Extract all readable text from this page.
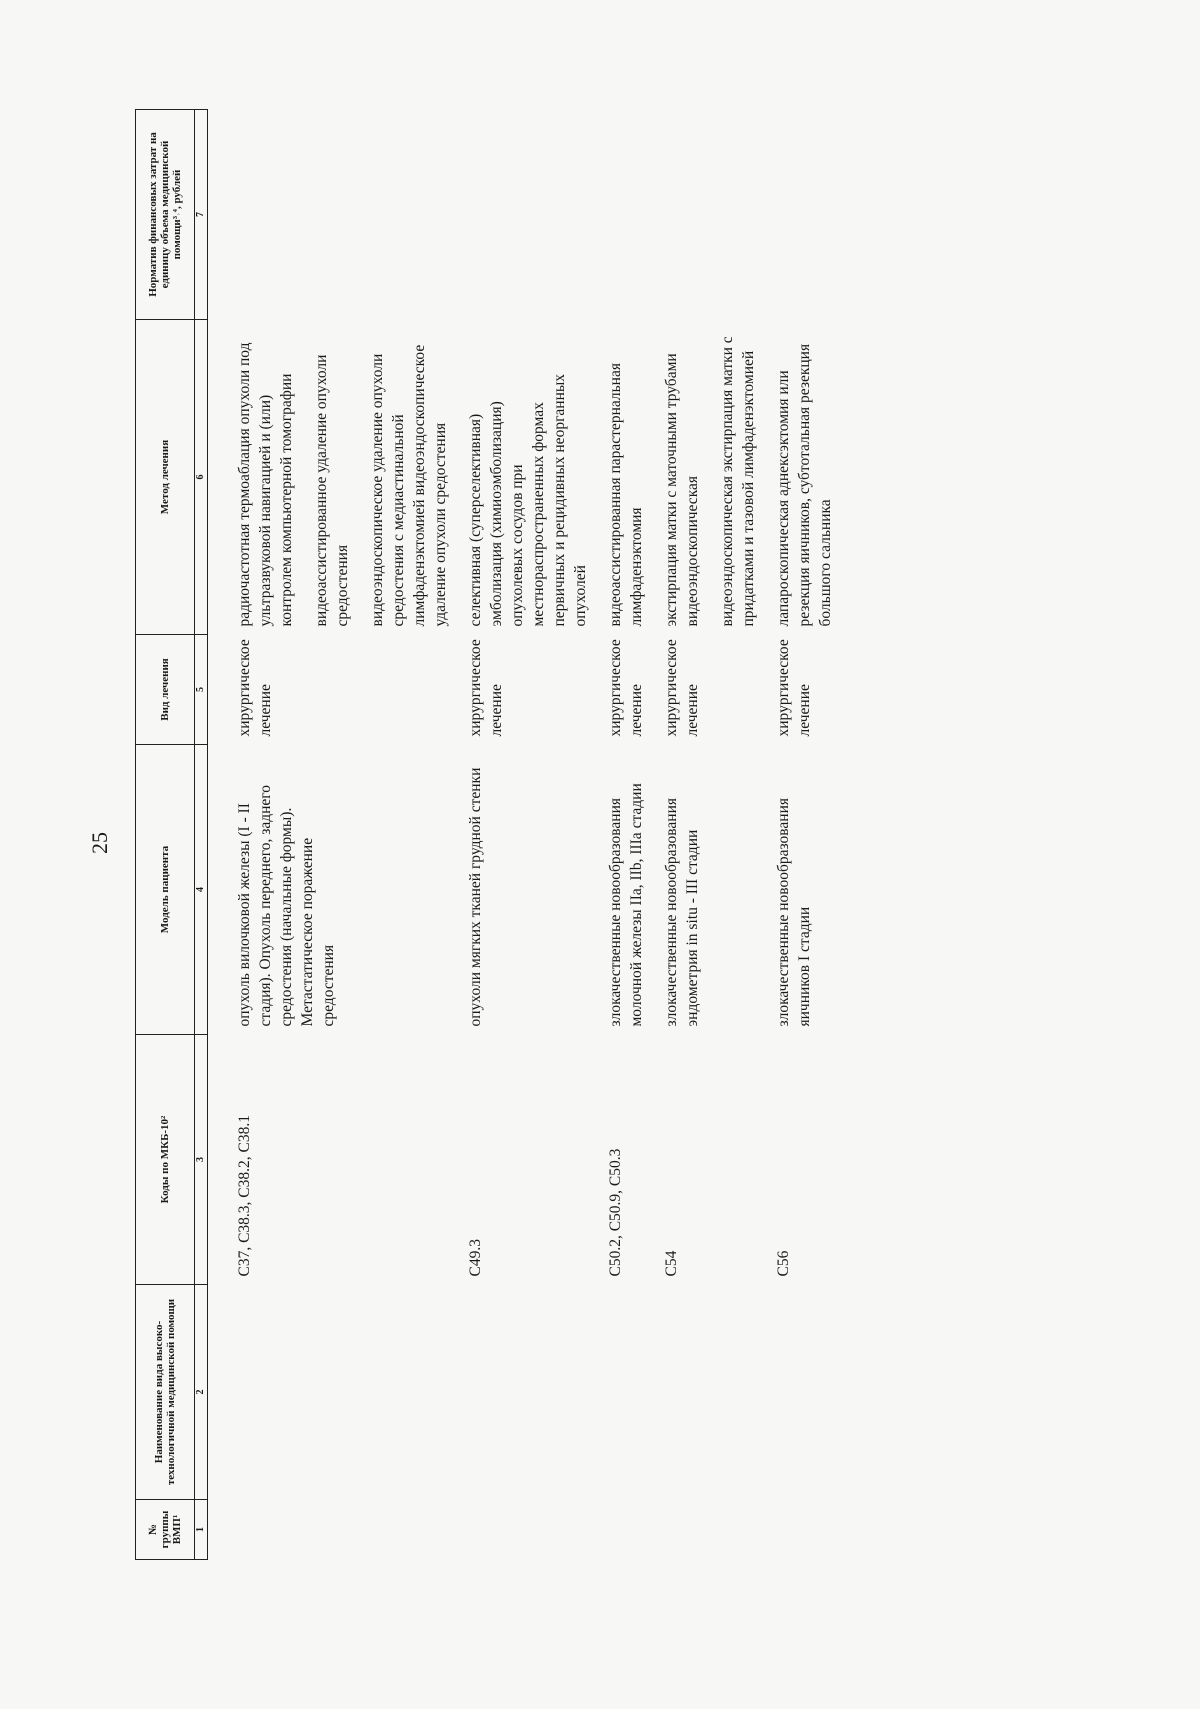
25
№ группы ВМП¹	Наименование вида высоко-технологичной медицинской помощи	Коды по МКБ-10²	Модель пациента	Вид лечения	Метод лечения	Норматив финансовых затрат на единицу объема медицинской помощи³˒⁴, рублей
1	2	3	4	5	6	7
		C37, C38.3, C38.2, C38.1	опухоль вилочковой железы (I - II стадия). Опухоль переднего, заднего средостения (начальные формы). Метастатическое поражение средостения	хирургическое лечение	радиочастотная термоаблация опухоли под ультразвуковой навигацией и (или) контролем компьютерной томографии видеоассистированное удаление опухоли средостения видеоэндоскопическое удаление опухоли средостения с медиастинальной лимфаденэктомией видеоэндоскопическое удаление опухоли средостения	

		C49.3	опухоли мягких тканей грудной стенки	хирургическое лечение	селективная (суперселективная) эмболизация (химиоэмболизация) опухолевых сосудов при местнораспространенных формах первичных и рецидивных неорганных опухолей	

		C50.2, C50.9, C50.3	злокачественные новообразования молочной железы IIa, IIb, IIIa стадии	хирургическое лечение	видеоассистированная парастернальная лимфаденэктомия	

		C54	злокачественные новообразования эндометрия in situ - III стадии	хирургическое лечение	экстирпация матки с маточными трубами видеоэндоскопическая видеоэндоскопическая экстирпация матки с придатками и тазовой лимфаденэктомией	

		C56	злокачественные новообразования яичников I стадии	хирургическое лечение	лапароскопическая аднексэктомия или резекция яичников, субтотальная резекция большого сальника	
